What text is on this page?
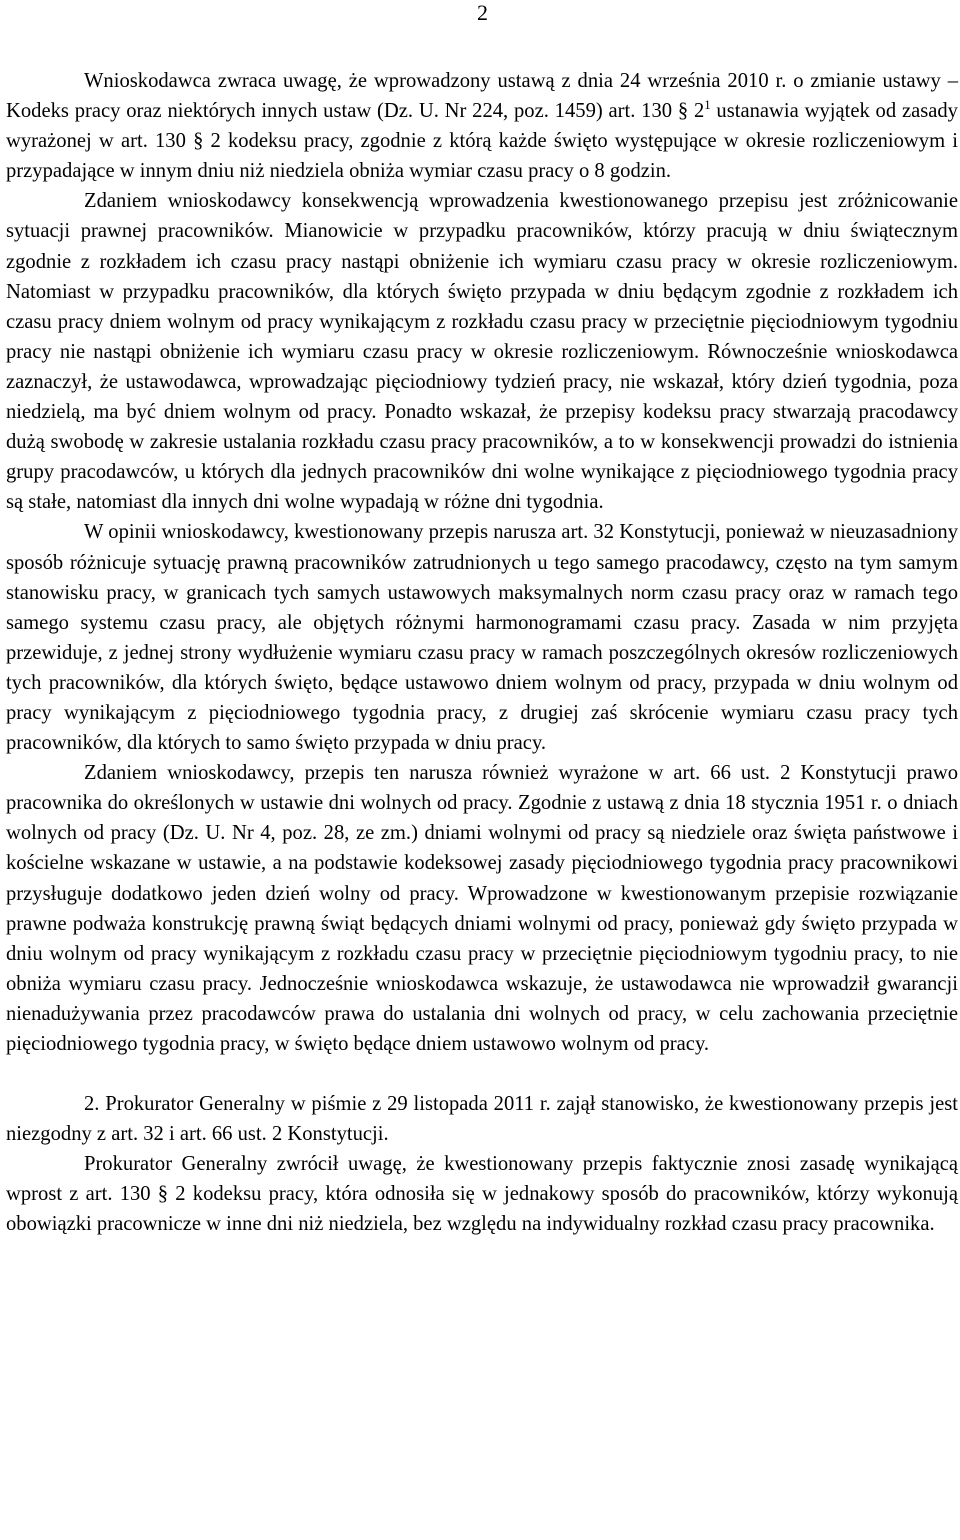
2

Wnioskodawca zwraca uwagę, że wprowadzony ustawą z dnia 24 września 2010 r. o zmianie ustawy – Kodeks pracy oraz niektórych innych ustaw (Dz. U. Nr 224, poz. 1459) art. 130 § $2^1$ ustanawia wyjątek od zasady wyrażonej w art. 130 § 2 kodeksu pracy, zgodnie z którą każde święto występujące w okresie rozliczeniowym i przypadające w innym dniu niż niedziela obniża wymiar czasu pracy o 8 godzin.

Zdaniem wnioskodawcy konsekwencją wprowadzenia kwestionowanego przepisu jest zróżnicowanie sytuacji prawnej pracowników. Mianowicie w przypadku pracowników, którzy pracują w dniu świątecznym zgodnie z rozkładem ich czasu pracy nastąpi obniżenie ich wymiaru czasu pracy w okresie rozliczeniowym. Natomiast w przypadku pracowników, dla których święto przypada w dniu będącym zgodnie z rozkładem ich czasu pracy dniem wolnym od pracy wynikającym z rozkładu czasu pracy w przeciętnie pięciodniowym tygodniu pracy nie nastąpi obniżenie ich wymiaru czasu pracy w okresie rozliczeniowym. Równocześnie wnioskodawca zaznaczył, że ustawodawca, wprowadzając pięciodniowy tydzień pracy, nie wskazał, który dzień tygodnia, poza niedzielą, ma być dniem wolnym od pracy. Ponadto wskazał, że przepisy kodeksu pracy stwarzają pracodawcy dużą swobodę w zakresie ustalania rozkładu czasu pracy pracowników, a to w konsekwencji prowadzi do istnienia grupy pracodawców, u których dla jednych pracowników dni wolne wynikające z pięciodniowego tygodnia pracy są stałe, natomiast dla innych dni wolne wypadają w różne dni tygodnia.

W opinii wnioskodawcy, kwestionowany przepis narusza art. 32 Konstytucji, ponieważ w nieuzasadniony sposób różnicuje sytuację prawną pracowników zatrudnionych u tego samego pracodawcy, często na tym samym stanowisku pracy, w granicach tych samych ustawowych maksymalnych norm czasu pracy oraz w ramach tego samego systemu czasu pracy, ale objętych różnymi harmonogramami czasu pracy. Zasada w nim przyjęta przewiduje, z jednej strony wydłużenie wymiaru czasu pracy w ramach poszczególnych okresów rozliczeniowych tych pracowników, dla których święto, będące ustawowo dniem wolnym od pracy, przypada w dniu wolnym od pracy wynikającym z pięciodniowego tygodnia pracy, z drugiej zaś skrócenie wymiaru czasu pracy tych pracowników, dla których to samo święto przypada w dniu pracy.

Zdaniem wnioskodawcy, przepis ten narusza również wyrażone w art. 66 ust. 2 Konstytucji prawo pracownika do określonych w ustawie dni wolnych od pracy. Zgodnie z ustawą z dnia 18 stycznia 1951 r. o dniach wolnych od pracy (Dz. U. Nr 4, poz. 28, ze zm.) dniami wolnymi od pracy są niedziele oraz święta państwowe i kościelne wskazane w ustawie, a na podstawie kodeksowej zasady pięciodniowego tygodnia pracy pracownikowi przysługuje dodatkowo jeden dzień wolny od pracy. Wprowadzone w kwestionowanym przepisie rozwiązanie prawne podważa konstrukcję prawną świąt będących dniami wolnymi od pracy, ponieważ gdy święto przypada w dniu wolnym od pracy wynikającym z rozkładu czasu pracy w przeciętnie pięciodniowym tygodniu pracy, to nie obniża wymiaru czasu pracy. Jednocześnie wnioskodawca wskazuje, że ustawodawca nie wprowadził gwarancji nienadużywania przez pracodawców prawa do ustalania dni wolnych od pracy, w celu zachowania przeciętnie pięciodniowego tygodnia pracy, w święto będące dniem ustawowo wolnym od pracy.

2. Prokurator Generalny w piśmie z 29 listopada 2011 r. zajął stanowisko, że kwestionowany przepis jest niezgodny z art. 32 i art. 66 ust. 2 Konstytucji.

Prokurator Generalny zwrócił uwagę, że kwestionowany przepis faktycznie znosi zasadę wynikającą wprost z art. 130 § 2 kodeksu pracy, która odnosiła się w jednakowy sposób do pracowników, którzy wykonują obowiązki pracownicze w inne dni niż niedziela, bez względu na indywidualny rozkład czasu pracy pracownika.
